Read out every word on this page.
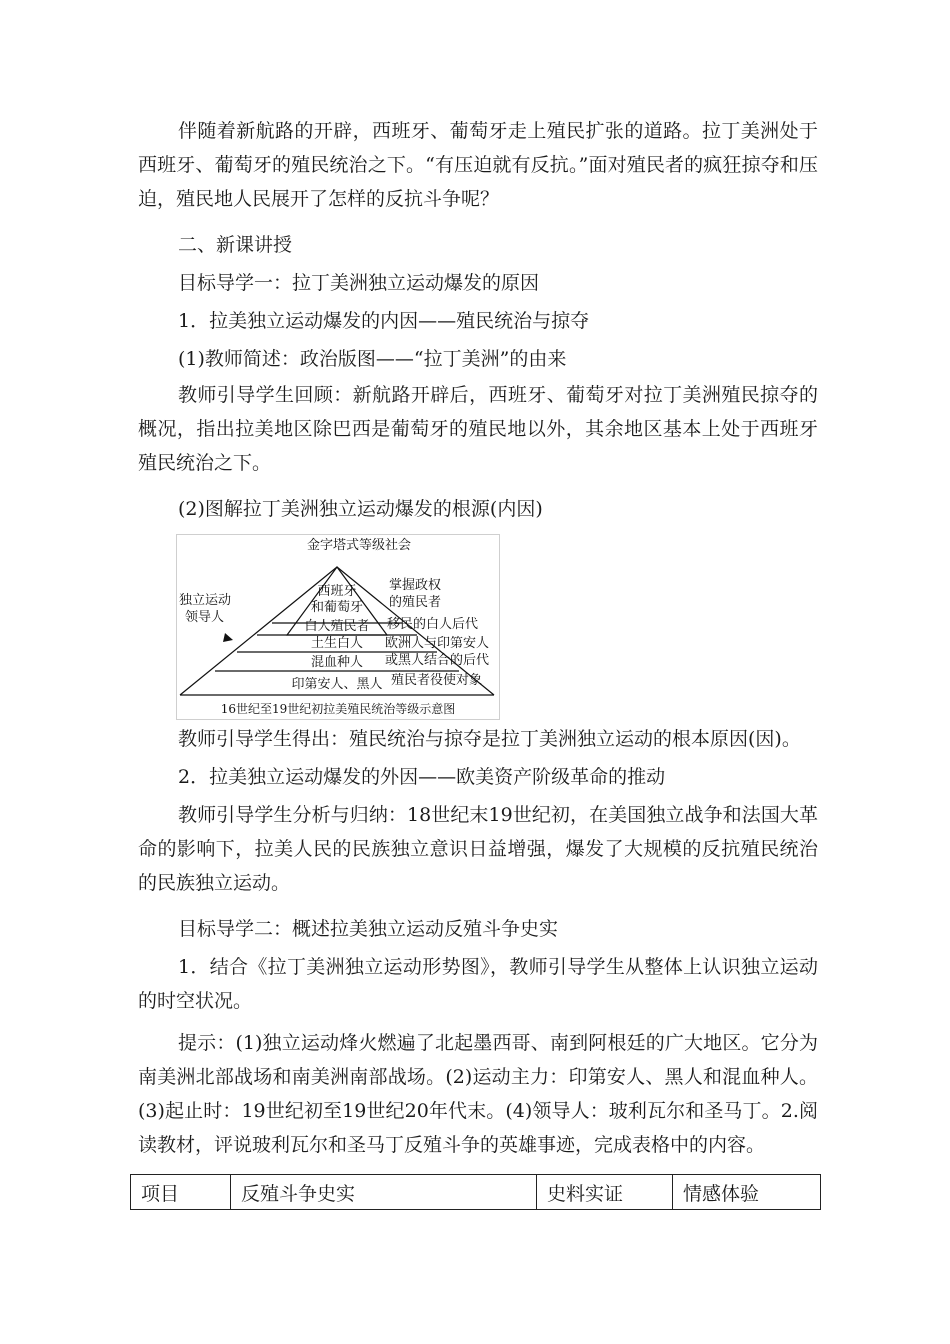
伴随着新航路的开辟，西班牙、葡萄牙走上殖民扩张的道路。拉丁美洲处于西班牙、葡萄牙的殖民统治之下。“有压迫就有反抗。”面对殖民者的疯狂掠夺和压迫，殖民地人民展开了怎样的反抗斗争呢？

二、新课讲授

目标导学一：拉丁美洲独立运动爆发的原因

1．拉美独立运动爆发的内因——殖民统治与掠夺

(1)教师简述：政治版图——“拉丁美洲”的由来

教师引导学生回顾：新航路开辟后，西班牙、葡萄牙对拉丁美洲殖民掠夺的概况，指出拉美地区除巴西是葡萄牙的殖民地以外，其余地区基本上处于西班牙殖民统治之下。

(2)图解拉丁美洲独立运动爆发的根源(内因)

金字塔式等级社会
西班牙
和葡萄牙
白人殖民者
土生白人
混血种人
印第安人、黑人
独立运动
领导人
掌握政权
的殖民者
移民的白人后代
欧洲人与印第安人
或黑人结合的后代
殖民者役使对象
16世纪至19世纪初拉美殖民统治等级示意图

教师引导学生得出：殖民统治与掠夺是拉丁美洲独立运动的根本原因(因)。

2．拉美独立运动爆发的外因——欧美资产阶级革命的推动

教师引导学生分析与归纳：18世纪末19世纪初，在美国独立战争和法国大革命的影响下，拉美人民的民族独立意识日益增强，爆发了大规模的反抗殖民统治的民族独立运动。

目标导学二：概述拉美独立运动反殖斗争史实

1．结合《拉丁美洲独立运动形势图》，教师引导学生从整体上认识独立运动的时空状况。

提示：(1)独立运动烽火燃遍了北起墨西哥、南到阿根廷的广大地区。它分为南美洲北部战场和南美洲南部战场。(2)运动主力：印第安人、黑人和混血种人。(3)起止时：19世纪初至19世纪20年代末。(4)领导人：玻利瓦尔和圣马丁。2.阅读教材，评说玻利瓦尔和圣马丁反殖斗争的英雄事迹，完成表格中的内容。

项目	反殖斗争史实	史料实证	情感体验
